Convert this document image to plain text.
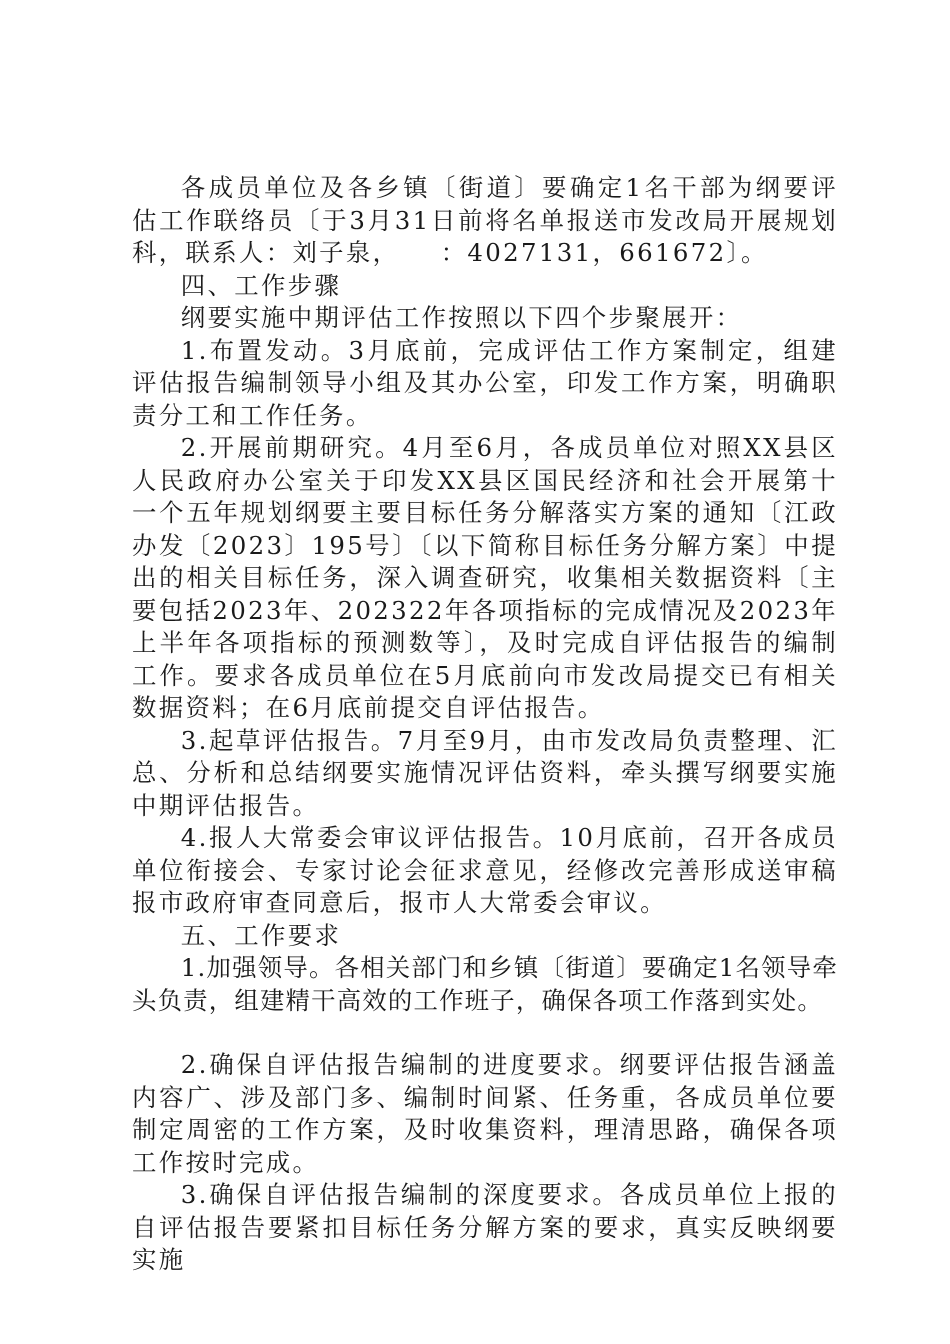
各成员单位及各乡镇〔街道〕要确定1名干部为纲要评估工作联络员〔于3月31日前将名单报送市发改局开展规划科，联系人：刘子泉，　　：4027131，661672〕。

四、工作步骤

纲要实施中期评估工作按照以下四个步聚展开：

1.布置发动。3月底前，完成评估工作方案制定，组建评估报告编制领导小组及其办公室，印发工作方案，明确职责分工和工作任务。

2.开展前期研究。4月至6月，各成员单位对照XX县区人民政府办公室关于印发XX县区国民经济和社会开展第十一个五年规划纲要主要目标任务分解落实方案的通知〔江政办发〔2023〕195号〕〔以下简称目标任务分解方案〕中提出的相关目标任务，深入调查研究，收集相关数据资料〔主要包括2023年、202322年各项指标的完成情况及2023年上半年各项指标的预测数等〕，及时完成自评估报告的编制工作。要求各成员单位在5月底前向市发改局提交已有相关数据资料；在6月底前提交自评估报告。

3.起草评估报告。7月至9月，由市发改局负责整理、汇总、分析和总结纲要实施情况评估资料，牵头撰写纲要实施中期评估报告。

4.报人大常委会审议评估报告。10月底前，召开各成员单位衔接会、专家讨论会征求意见，经修改完善形成送审稿报市政府审查同意后，报市人大常委会审议。

五、工作要求

1.加强领导。各相关部门和乡镇〔街道〕要确定1名领导牵头负责，组建精干高效的工作班子，确保各项工作落到实处。

2.确保自评估报告编制的进度要求。纲要评估报告涵盖内容广、涉及部门多、编制时间紧、任务重，各成员单位要制定周密的工作方案，及时收集资料，理清思路，确保各项工作按时完成。

3.确保自评估报告编制的深度要求。各成员单位上报的自评估报告要紧扣目标任务分解方案的要求，真实反映纲要实施
